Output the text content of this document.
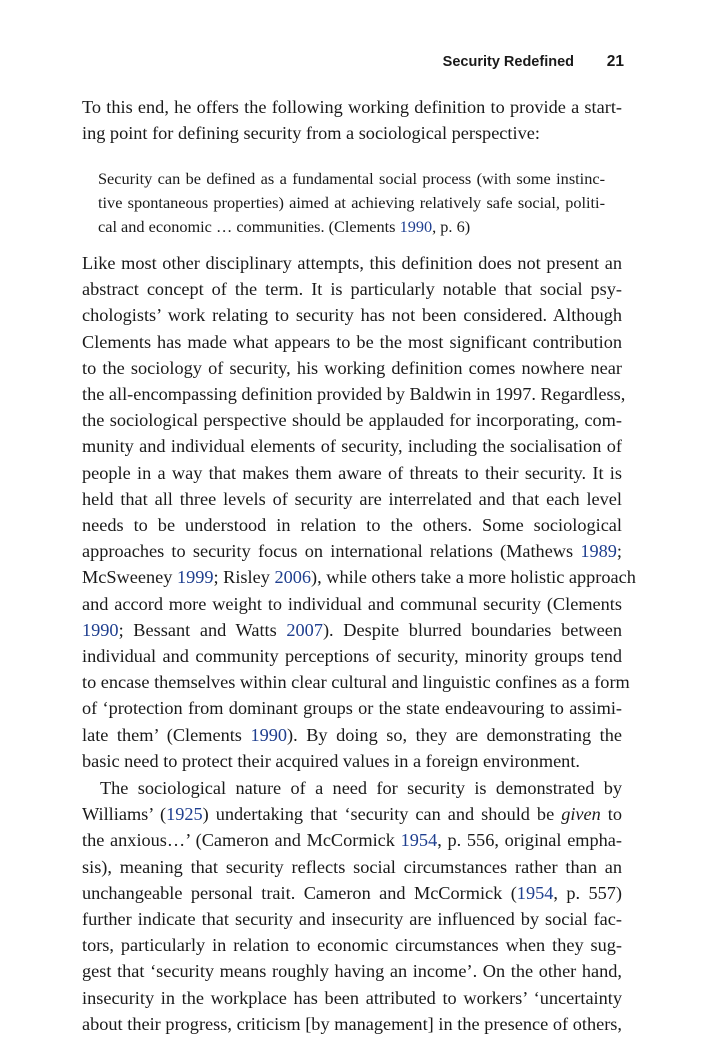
Security Redefined 21
To this end, he offers the following working definition to provide a start-
ing point for defining security from a sociological perspective:
Security can be defined as a fundamental social process (with some instinc-
tive spontaneous properties) aimed at achieving relatively safe social, politi-
cal and economic … communities. (Clements 1990, p. 6)
Like most other disciplinary attempts, this definition does not present an
abstract concept of the term. It is particularly notable that social psy-
chologists’ work relating to security has not been considered. Although
Clements has made what appears to be the most significant contribution
to the sociology of security, his working definition comes nowhere near
the all-encompassing definition provided by Baldwin in 1997. Regardless,
the sociological perspective should be applauded for incorporating, com-
munity and individual elements of security, including the socialisation of
people in a way that makes them aware of threats to their security. It is
held that all three levels of security are interrelated and that each level
needs to be understood in relation to the others. Some sociological
approaches to security focus on international relations (Mathews 1989;
McSweeney 1999; Risley 2006), while others take a more holistic approach
and accord more weight to individual and communal security (Clements
1990; Bessant and Watts 2007). Despite blurred boundaries between
individual and community perceptions of security, minority groups tend
to encase themselves within clear cultural and linguistic confines as a form
of ‘protection from dominant groups or the state endeavouring to assimi-
late them’ (Clements 1990). By doing so, they are demonstrating the
basic need to protect their acquired values in a foreign environment.
The sociological nature of a need for security is demonstrated by
Williams’ (1925) undertaking that ‘security can and should be given to
the anxious…’ (Cameron and McCormick 1954, p. 556, original empha-
sis), meaning that security reflects social circumstances rather than an
unchangeable personal trait. Cameron and McCormick (1954, p. 557)
further indicate that security and insecurity are influenced by social fac-
tors, particularly in relation to economic circumstances when they sug-
gest that ‘security means roughly having an income’. On the other hand,
insecurity in the workplace has been attributed to workers’ ‘uncertainty
about their progress, criticism [by management] in the presence of others,
